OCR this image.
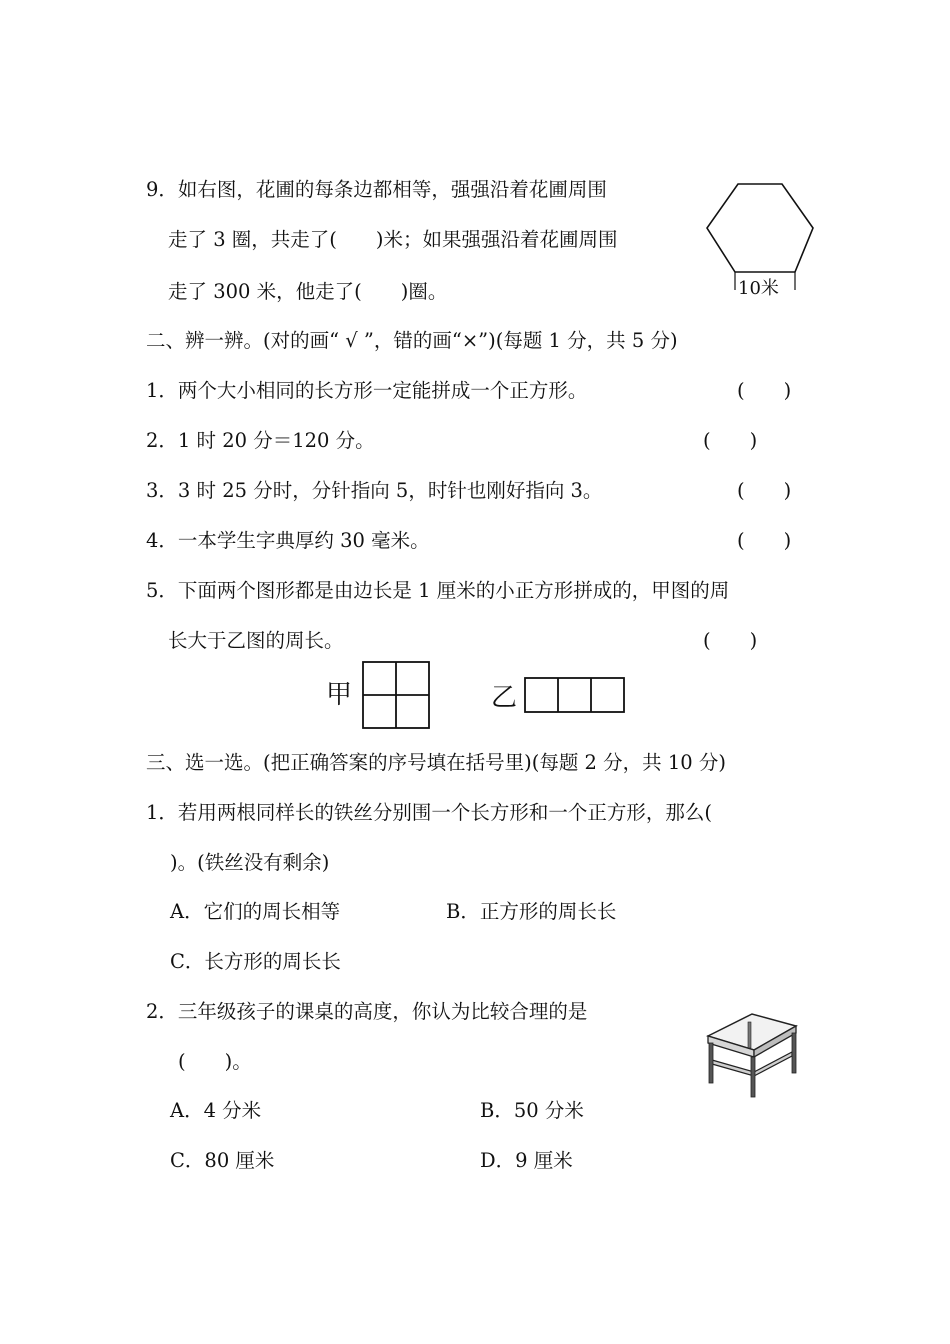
9．如右图，花圃的每条边都相等，强强沿着花圃周围
走了 3 圈，共走了(　　)米；如果强强沿着花圃周围
走了 300 米，他走了(　　)圈。	10米
二、辨一辨。(对的画“ √ ”，错的画“×”)(每题 1 分，共 5 分)
1．两个大小相同的长方形一定能拼成一个正方形。	(　　)
2．1 时 20 分＝120 分。	(　　)
3．3 时 25 分时，分针指向 5，时针也刚好指向 3。	(　　)
4．一本学生字典厚约 30 毫米。	(　　)
5．下面两个图形都是由边长是 1 厘米的小正方形拼成的，甲图的周
长大于乙图的周长。	(　　)
甲	乙
三、选一选。(把正确答案的序号填在括号里)(每题 2 分，共 10 分)
1．若用两根同样长的铁丝分别围一个长方形和一个正方形，那么(
)。(铁丝没有剩余)
A．它们的周长相等	B．正方形的周长长
C．长方形的周长长
2．三年级孩子的课桌的高度，你认为比较合理的是
(　　)。
A．4 分米	B．50 分米
C．80 厘米	D．9 厘米
